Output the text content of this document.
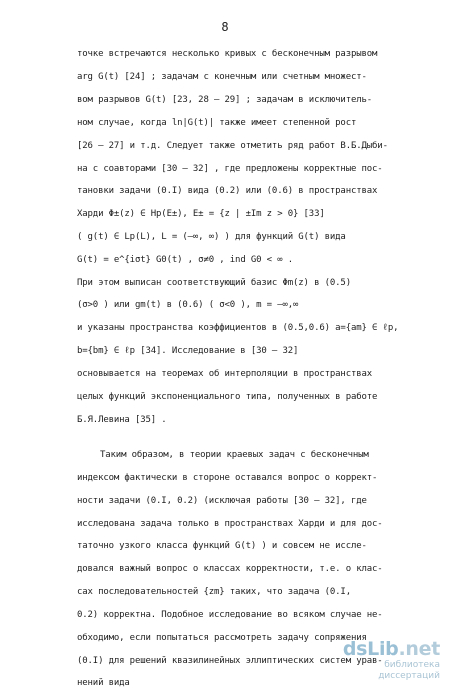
8
точке встречаются несколько кривых с бесконечным разрывом
arg G(t) [24] ; задачам с конечным или счетным множест-
вом разрывов G(t) [23, 28 – 29] ; задачам в исключитель-
ном случае, когда ln|G(t)| также имеет степенной рост
[26 – 27] и т.д. Следует также отметить ряд работ В.Б.Дыби-
на с соавторами [30 – 32] , где предложены корректные пос-
тановки задачи (0.I) вида (0.2) или (0.6) в пространствах
Харди Φ±(z) ∈ Hp(E±), E± = {z | ±Im z > 0} [33]
( g(t) ∈ Lp(L), L = (–∞, ∞) ) для функций G(t) вида
G(t) = e^{iσt} G0(t) , σ≠0 , ind G0 < ∞ .
При этом выписан соответствующий базис Φm(z) в (0.5)
(σ>0 ) или gm(t) в (0.6) ( σ<0 ), m = –∞,∞
и указаны пространства коэффициентов в (0.5,0.6) a={am} ∈ ℓp,
b={bm} ∈ ℓp [34]. Исследование в [30 – 32]
основывается на теоремах об интерполяции в пространствах
целых функций экспоненциального типа, полученных в работе
Б.Я.Левина [35] .
Таким образом, в теории краевых задач с бесконечным
индексом фактически в стороне оставался вопрос о коррект-
ности задачи (0.I, 0.2) (исключая работы [30 – 32], где
исследована задача только в пространствах Харди и для дос-
таточно узкого класса функций G(t) ) и совсем не иссле-
довался важный вопрос о классах корректности, т.е. о клас-
сах последовательностей {zm} таких, что задача (0.I,
0.2) корректна. Подобное исследование во всяком случае не-
обходимо, если попытаться рассмотреть задачу сопряжения
(0.I) для решений квазилинейных эллиптических систем урав-
нений вида
dsLib.net
библиотека диссертаций
